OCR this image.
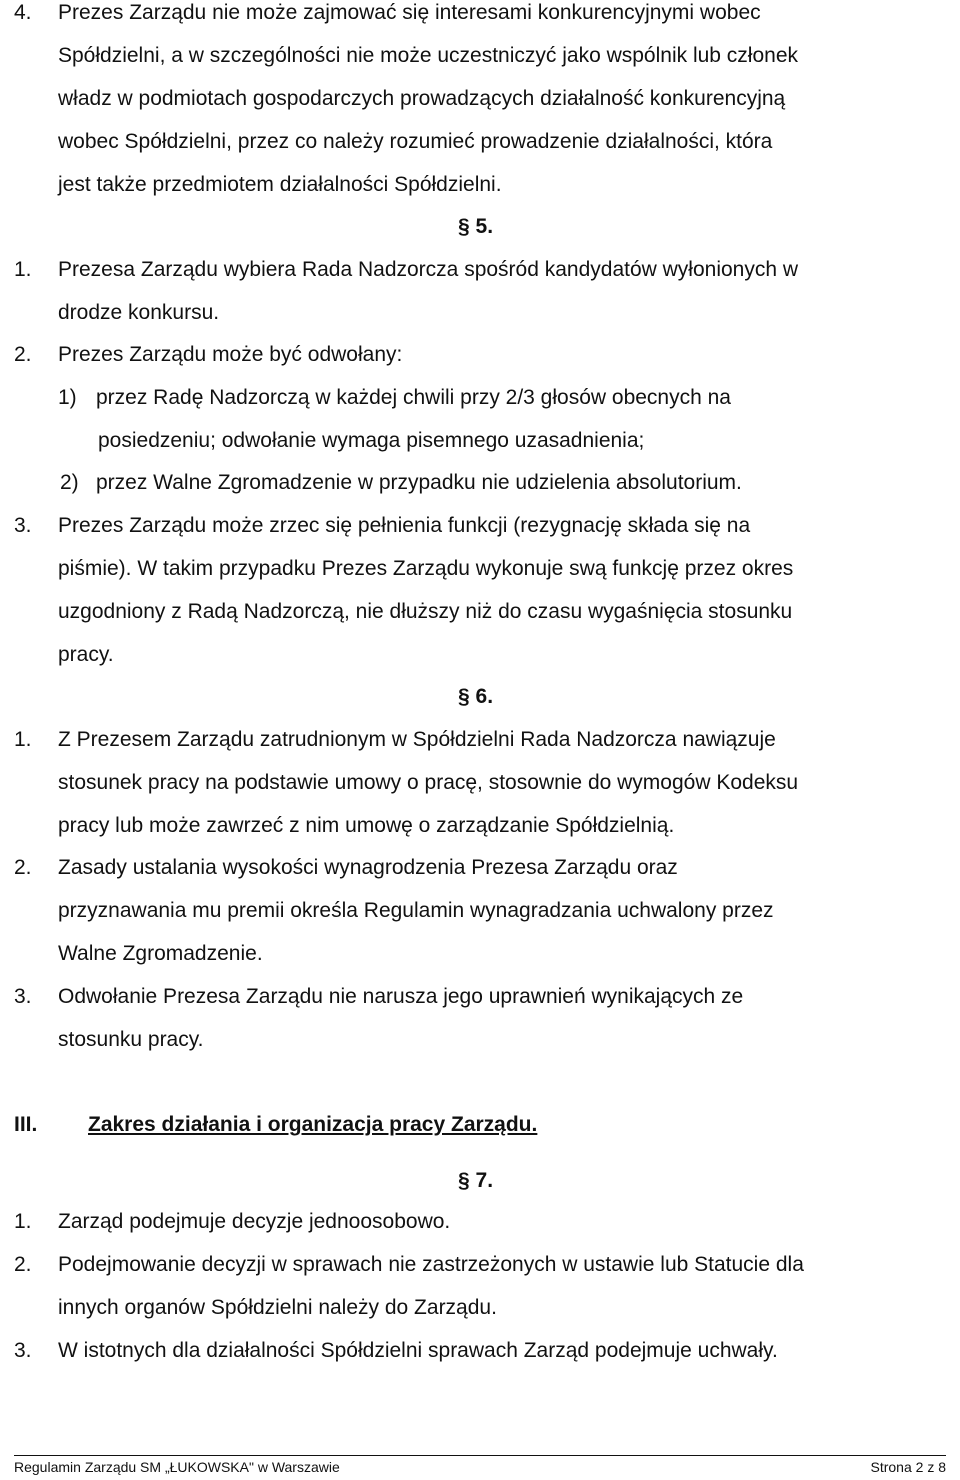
4. Prezes Zarządu nie może zajmować się interesami konkurencyjnymi wobec
Spółdzielni, a w szczególności nie może uczestniczyć jako wspólnik lub członek
władz w podmiotach gospodarczych prowadzących działalność konkurencyjną
wobec Spółdzielni, przez co należy rozumieć prowadzenie działalności, która
jest także przedmiotem działalności Spółdzielni.
§ 5.
1. Prezesa Zarządu wybiera Rada Nadzorcza spośród kandydatów wyłonionych w
drodze konkursu.
2. Prezes Zarządu może być odwołany:
1) przez Radę Nadzorczą w każdej chwili przy 2/3 głosów obecnych na
posiedzeniu; odwołanie wymaga pisemnego uzasadnienia;
2) przez Walne Zgromadzenie w przypadku nie udzielenia absolutorium.
3. Prezes Zarządu może zrzec się pełnienia funkcji (rezygnację składa się na
piśmie). W takim przypadku Prezes Zarządu wykonuje swą funkcję przez okres
uzgodniony z Radą Nadzorczą, nie dłuższy niż do czasu wygaśnięcia stosunku
pracy.
§ 6.
1. Z Prezesem Zarządu zatrudnionym w Spółdzielni Rada Nadzorcza nawiązuje
stosunek pracy na podstawie umowy o pracę, stosownie do wymogów Kodeksu
pracy lub może zawrzeć z nim umowę o zarządzanie Spółdzielnią.
2. Zasady ustalania wysokości wynagrodzenia Prezesa Zarządu oraz
przyznawania mu premii określa Regulamin wynagradzania uchwalony przez
Walne Zgromadzenie.
3. Odwołanie Prezesa Zarządu nie narusza jego uprawnień wynikających ze
stosunku pracy.
III. Zakres działania i organizacja pracy Zarządu.
§ 7.
1. Zarząd podejmuje decyzje jednoosobowo.
2. Podejmowanie decyzji w sprawach nie zastrzeżonych w ustawie lub Statucie dla
innych organów Spółdzielni należy do Zarządu.
3. W istotnych dla działalności Spółdzielni sprawach Zarząd podejmuje uchwały.
Regulamin Zarządu SM „ŁUKOWSKA" w Warszawie	Strona 2 z 8
